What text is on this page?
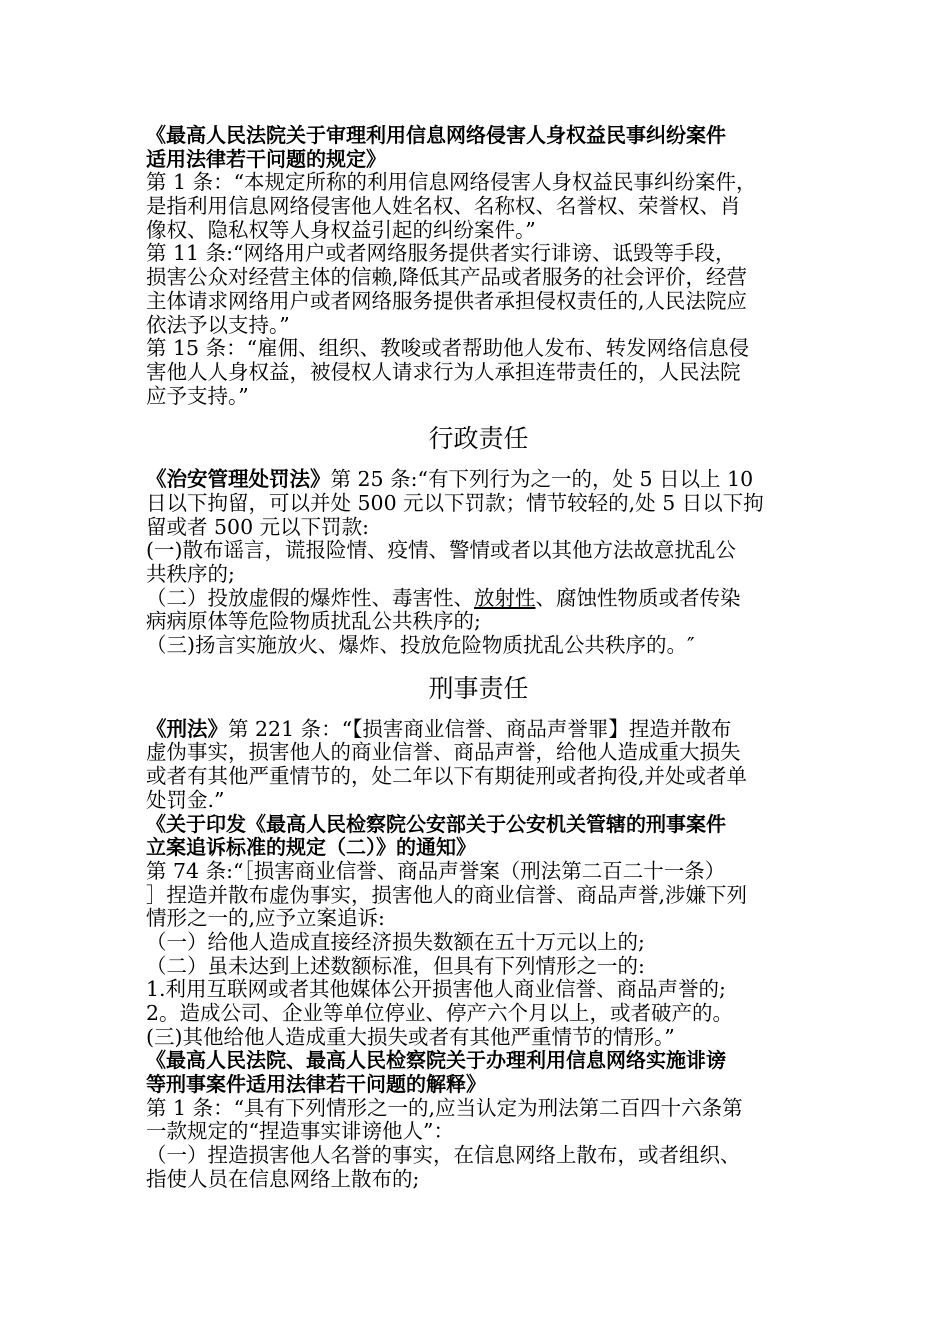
《最高人民法院关于审理利用信息网络侵害人身权益民事纠纷案件
适用法律若干问题的规定》
第 1 条：“本规定所称的利用信息网络侵害人身权益民事纠纷案件，
是指利用信息网络侵害他人姓名权、名称权、名誉权、荣誉权、肖
像权、隐私权等人身权益引起的纠纷案件。”
第 11 条:“网络用户或者网络服务提供者实行诽谤、诋毁等手段，
损害公众对经营主体的信赖,降低其产品或者服务的社会评价，经营
主体请求网络用户或者网络服务提供者承担侵权责任的,人民法院应
依法予以支持。”
第 15 条：“雇佣、组织、教唆或者帮助他人发布、转发网络信息侵
害他人人身权益，被侵权人请求行为人承担连带责任的，人民法院
应予支持。”
行政责任
《治安管理处罚法》第 25 条:“有下列行为之一的，处 5 日以上 10
日以下拘留，可以并处 500 元以下罚款；情节较轻的,处 5 日以下拘
留或者 500 元以下罚款:
(一)散布谣言，谎报险情、疫情、警情或者以其他方法故意扰乱公
共秩序的;
（二）投放虚假的爆炸性、毒害性、放射性、腐蚀性物质或者传染
病病原体等危险物质扰乱公共秩序的;
（三)扬言实施放火、爆炸、投放危险物质扰乱公共秩序的。″
刑事责任
《刑法》第 221 条：“【损害商业信誉、商品声誉罪】捏造并散布
虚伪事实，损害他人的商业信誉、商品声誉，给他人造成重大损失
或者有其他严重情节的，处二年以下有期徒刑或者拘役,并处或者单
处罚金.”
《关于印发《最高人民检察院公安部关于公安机关管辖的刑事案件
立案追诉标准的规定（二）》的通知》
第 74 条:“［损害商业信誉、商品声誉案（刑法第二百二十一条）
］捏造并散布虚伪事实，损害他人的商业信誉、商品声誉,涉嫌下列
情形之一的,应予立案追诉:
（一）给他人造成直接经济损失数额在五十万元以上的;
（二）虽未达到上述数额标准，但具有下列情形之一的:
1.利用互联网或者其他媒体公开损害他人商业信誉、商品声誉的;
2。造成公司、企业等单位停业、停产六个月以上，或者破产的。
(三)其他给他人造成重大损失或者有其他严重情节的情形。”
《最高人民法院、最高人民检察院关于办理利用信息网络实施诽谤
等刑事案件适用法律若干问题的解释》
第 1 条：“具有下列情形之一的,应当认定为刑法第二百四十六条第
一款规定的“捏造事实诽谤他人”：
（一）捏造损害他人名誉的事实，在信息网络上散布，或者组织、
指使人员在信息网络上散布的;
